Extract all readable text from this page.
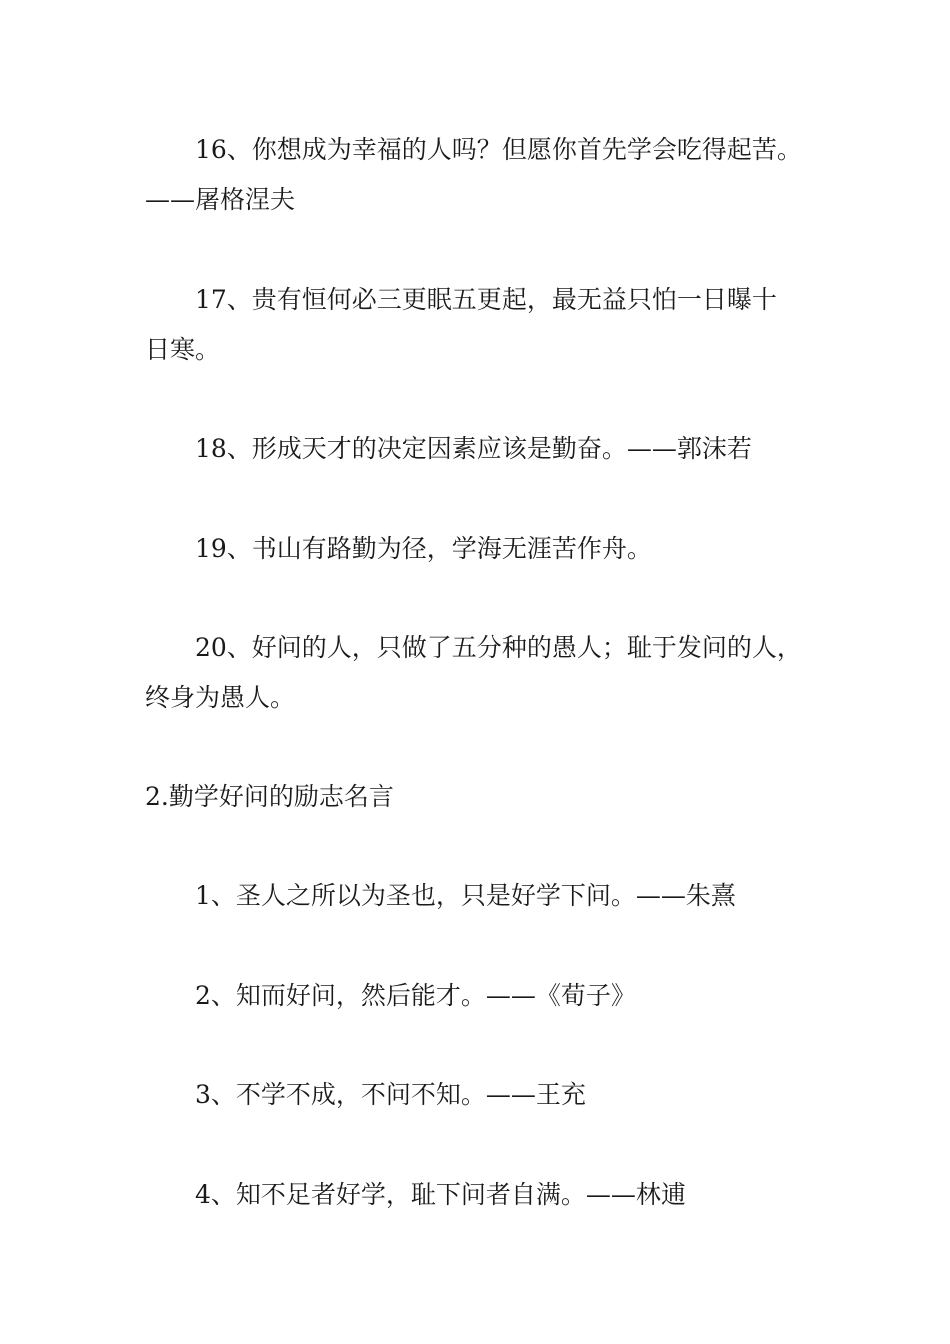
16、你想成为幸福的人吗？但愿你首先学会吃得起苦。
——屠格涅夫

17、贵有恒何必三更眠五更起，最无益只怕一日曝十
日寒。

18、形成天才的决定因素应该是勤奋。——郭沫若

19、书山有路勤为径，学海无涯苦作舟。

20、好问的人，只做了五分种的愚人；耻于发问的人，
终身为愚人。

2.勤学好问的励志名言

1、圣人之所以为圣也，只是好学下问。——朱熹

2、知而好问，然后能才。——《荀子》

3、不学不成，不问不知。——王充

4、知不足者好学，耻下问者自满。——林逋
